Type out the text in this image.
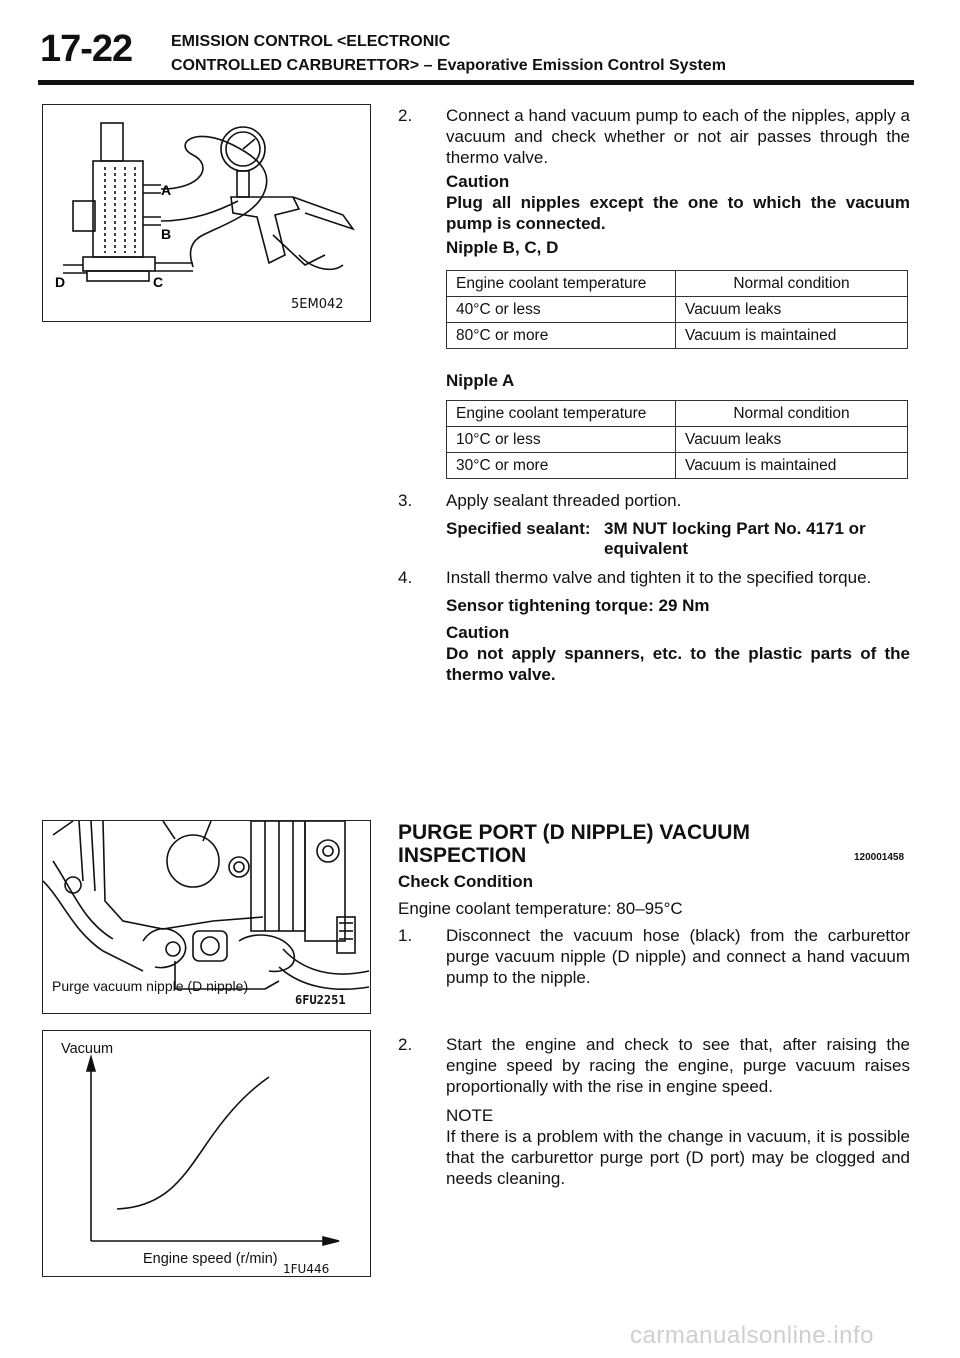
17-22 EMISSION CONTROL <ELECTRONIC
CONTROLLED CARBURETTOR> – Evaporative Emission Control System
A
B
C
D
5EM042
Purge vacuum nipple (D nipple)
6FU2251
Vacuum
Engine speed (r/min)
1FU446
2. Connect a hand vacuum pump to each of the nipples, apply a vacuum and check whether or not air passes through the thermo valve.
Caution
Plug all nipples except the one to which the vacuum pump is connected.
Nipple B, C, D
Engine coolant temperature	Normal condition
40°C or less	Vacuum leaks
80°C or more	Vacuum is maintained
Nipple A
Engine coolant temperature	Normal condition
10°C or less	Vacuum leaks
30°C or more	Vacuum is maintained
3. Apply sealant threaded portion.
Specified sealant: 3M NUT locking Part No. 4171 or
equivalent
4. Install thermo valve and tighten it to the specified torque.
Sensor tightening torque: 29 Nm
Caution
Do not apply spanners, etc. to the plastic parts of the thermo valve.
PURGE PORT (D NIPPLE) VACUUM
INSPECTION	120001458
Check Condition
Engine coolant temperature: 80–95°C
1. Disconnect the vacuum hose (black) from the carburettor purge vacuum nipple (D nipple) and connect a hand vacuum pump to the nipple.
2. Start the engine and check to see that, after raising the engine speed by racing the engine, purge vacuum raises proportionally with the rise in engine speed.
NOTE
If there is a problem with the change in vacuum, it is possible that the carburettor purge port (D port) may be clogged and needs cleaning.
carmanualsonline.info
